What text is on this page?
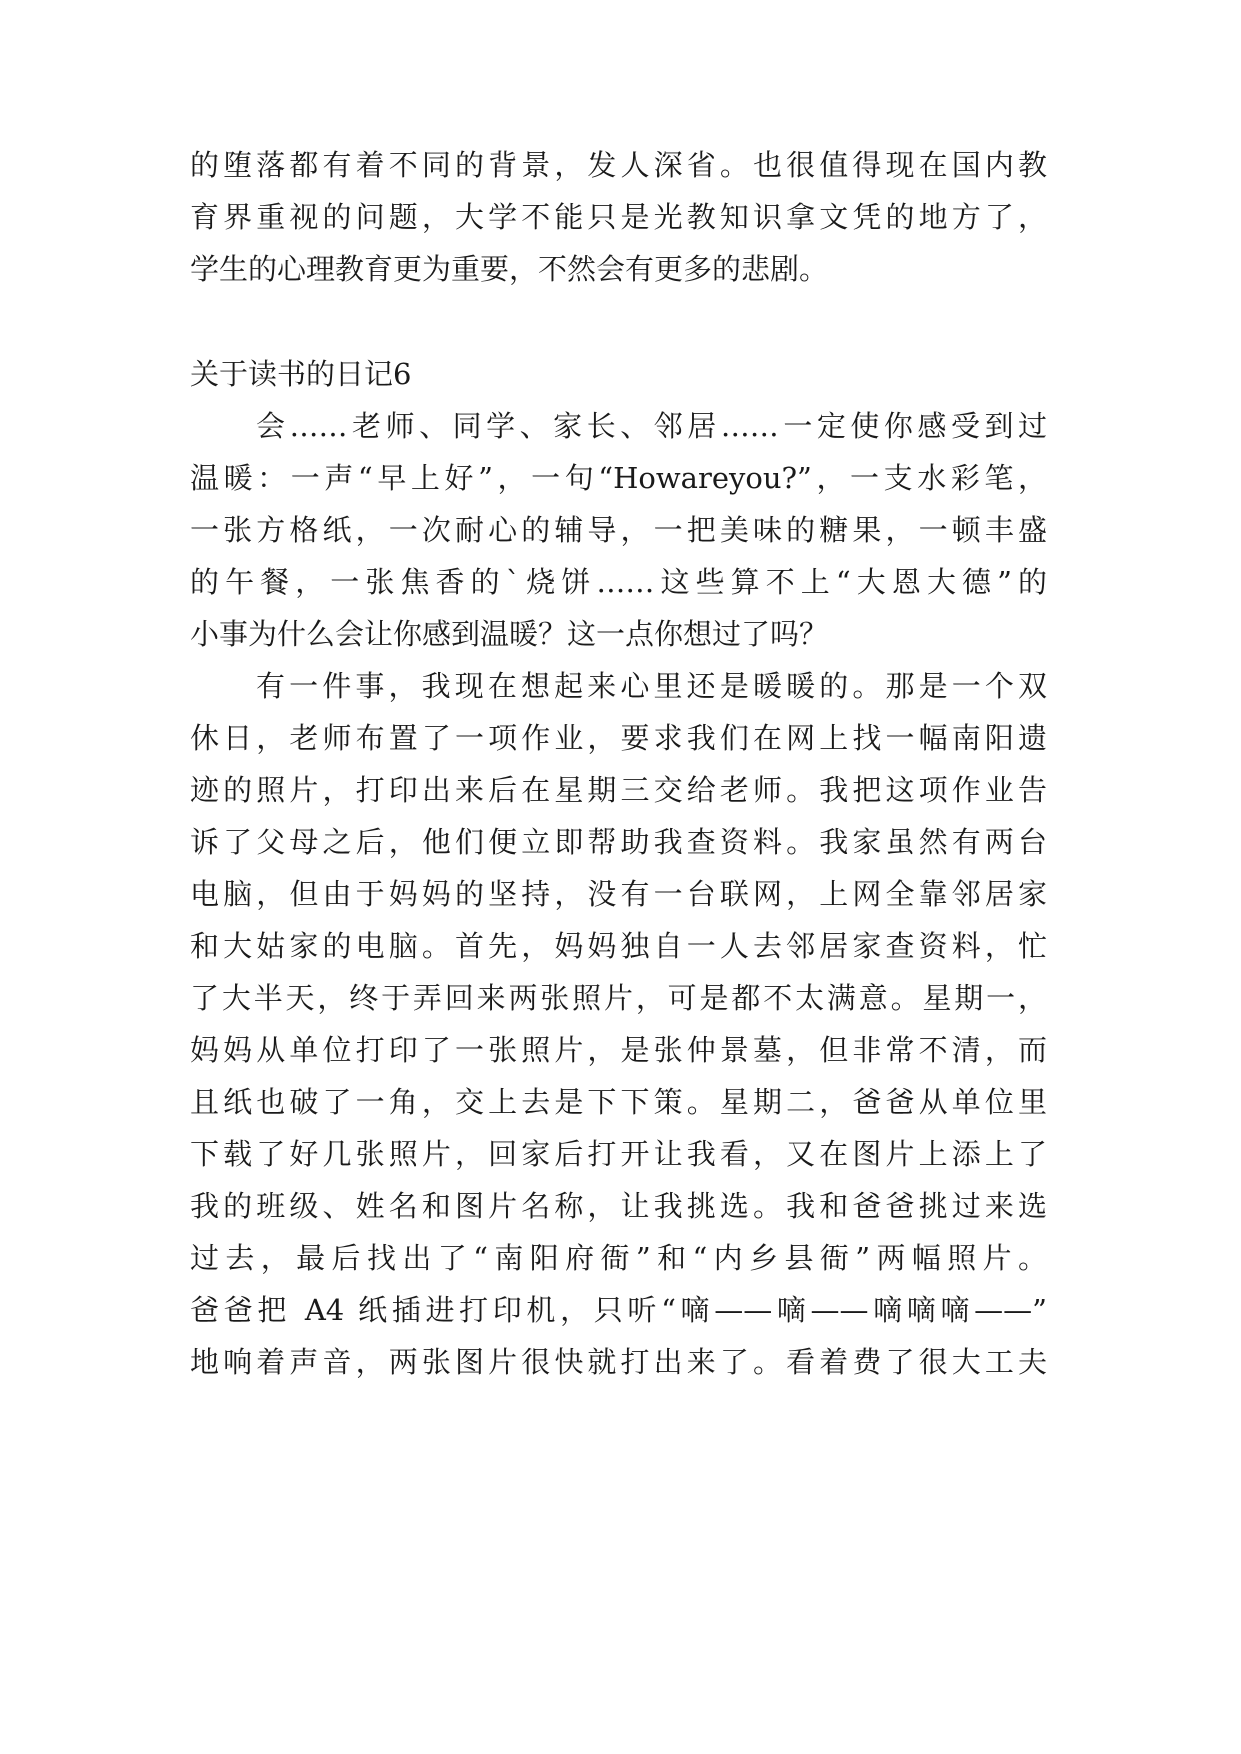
的堕落都有着不同的背景，发人深省。也很值得现在国内教
育界重视的问题，大学不能只是光教知识拿文凭的地方了，
学生的心理教育更为重要，不然会有更多的悲剧。
关于读书的日记6
会……老师、同学、家长、邻居……一定使你感受到过
温暖：一声“早上好”，一句“Howareyou?”，一支水彩笔，
一张方格纸，一次耐心的辅导，一把美味的糖果，一顿丰盛
的午餐，一张焦香的`烧饼……这些算不上“大恩大德”的
小事为什么会让你感到温暖？这一点你想过了吗？
有一件事，我现在想起来心里还是暖暖的。那是一个双
休日，老师布置了一项作业，要求我们在网上找一幅南阳遗
迹的照片，打印出来后在星期三交给老师。我把这项作业告
诉了父母之后，他们便立即帮助我查资料。我家虽然有两台
电脑，但由于妈妈的坚持，没有一台联网，上网全靠邻居家
和大姑家的电脑。首先，妈妈独自一人去邻居家查资料，忙
了大半天，终于弄回来两张照片，可是都不太满意。星期一，
妈妈从单位打印了一张照片，是张仲景墓，但非常不清，而
且纸也破了一角，交上去是下下策。星期二，爸爸从单位里
下载了好几张照片，回家后打开让我看，又在图片上添上了
我的班级、姓名和图片名称，让我挑选。我和爸爸挑过来选
过去，最后找出了“南阳府衙”和“内乡县衙”两幅照片。
爸爸把 A4 纸插进打印机，只听“嘀——嘀——嘀嘀嘀——”
地响着声音，两张图片很快就打出来了。看着费了很大工夫
